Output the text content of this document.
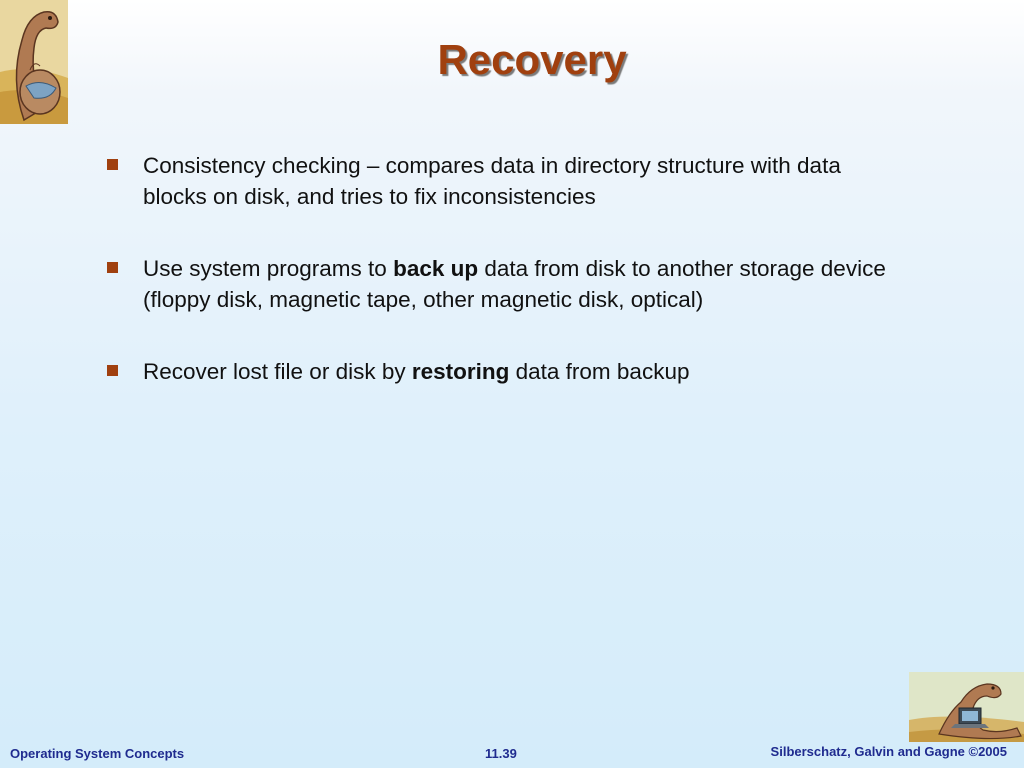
Recovery
Consistency checking – compares data in directory structure with data blocks on disk, and tries to fix inconsistencies
Use system programs to back up data from disk to another storage device (floppy disk, magnetic tape, other magnetic disk, optical)
Recover lost file or disk by restoring data from backup
Operating System Concepts	11.39	Silberschatz, Galvin and Gagne ©2005
